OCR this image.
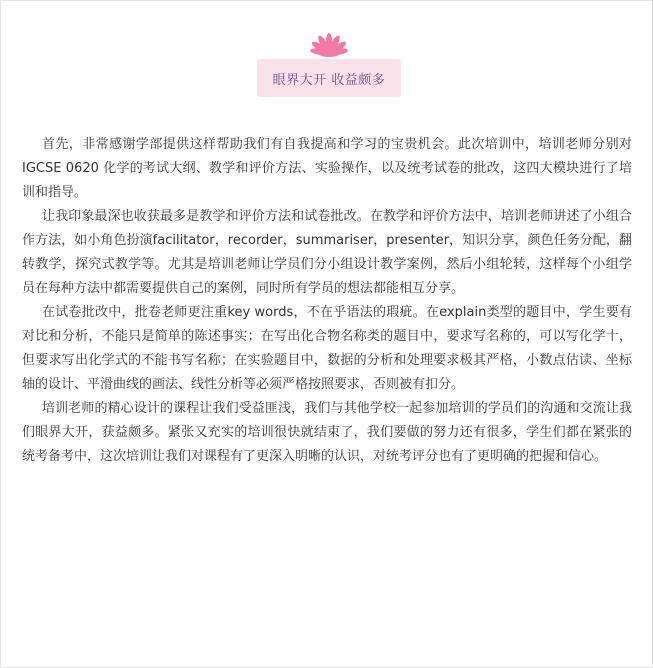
眼界大开 收益颇多

首先，非常感谢学部提供这样帮助我们有自我提高和学习的宝贵机会。此次培训中，培训老师分别对IGCSE 0620 化学的考试大纲、教学和评价方法、实验操作，以及统考试卷的批改，这四大模块进行了培训和指导。

让我印象最深也收获最多是教学和评价方法和试卷批改。在教学和评价方法中，培训老师讲述了小组合作方法，如小角色扮演facilitator，recorder，summariser，presenter，知识分享，颜色任务分配，翻转教学，探究式教学等。尤其是培训老师让学员们分小组设计教学案例，然后小组轮转，这样每个小组学员在每种方法中都需要提供自己的案例，同时所有学员的想法都能相互分享。

在试卷批改中，批卷老师更注重key words，不在乎语法的瑕疵。在explain类型的题目中，学生要有对比和分析，不能只是简单的陈述事实；在写出化合物名称类的题目中，要求写名称的，可以写化学十，但要求写出化学式的不能书写名称；在实验题目中，数据的分析和处理要求极其严格，小数点估读、坐标轴的设计、平滑曲线的画法、线性分析等必须严格按照要求，否则被有扣分。

培训老师的精心设计的课程让我们受益匪浅，我们与其他学校一起参加培训的学员们的沟通和交流让我们眼界大开，获益颇多。紧张又充实的培训很快就结束了，我们要做的努力还有很多，学生们都在紧张的统考备考中，这次培训让我们对课程有了更深入明晰的认识，对统考评分也有了更明确的把握和信心。
